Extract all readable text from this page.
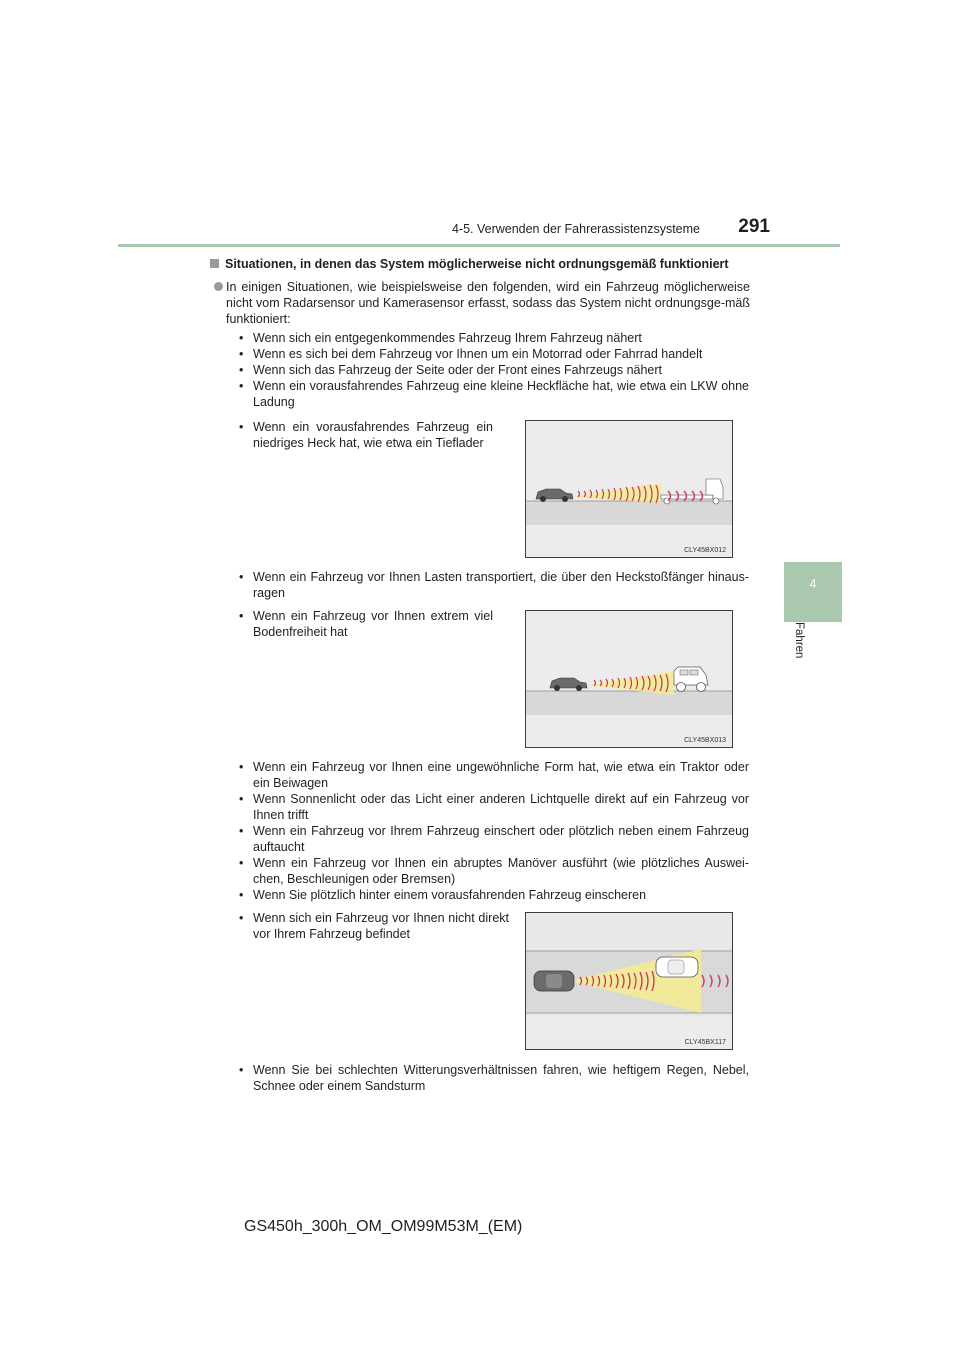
4-5. Verwenden der Fahrerassistenzsysteme	291
4
Fahren
Situationen, in denen das System möglicherweise nicht ordnungsgemäß funktioniert
In einigen Situationen, wie beispielsweise den folgenden, wird ein Fahrzeug möglicherweise nicht vom Radarsensor und Kamerasensor erfasst, sodass das System nicht ordnungsge-mäß funktioniert:
• Wenn sich ein entgegenkommendes Fahrzeug Ihrem Fahrzeug nähert
• Wenn es sich bei dem Fahrzeug vor Ihnen um ein Motorrad oder Fahrrad handelt
• Wenn sich das Fahrzeug der Seite oder der Front eines Fahrzeugs nähert
• Wenn ein vorausfahrendes Fahrzeug eine kleine Heckfläche hat, wie etwa ein LKW ohne Ladung
• Wenn ein vorausfahrendes Fahrzeug ein niedriges Heck hat, wie etwa ein Tieflader
CLY45BX012
• Wenn ein Fahrzeug vor Ihnen Lasten transportiert, die über den Heckstoßfänger hinaus-ragen
• Wenn ein Fahrzeug vor Ihnen extrem viel Bodenfreiheit hat
CLY45BX013
• Wenn ein Fahrzeug vor Ihnen eine ungewöhnliche Form hat, wie etwa ein Traktor oder ein Beiwagen
• Wenn Sonnenlicht oder das Licht einer anderen Lichtquelle direkt auf ein Fahrzeug vor Ihnen trifft
• Wenn ein Fahrzeug vor Ihrem Fahrzeug einschert oder plötzlich neben einem Fahrzeug auftaucht
• Wenn ein Fahrzeug vor Ihnen ein abruptes Manöver ausführt (wie plötzliches Auswei-chen, Beschleunigen oder Bremsen)
• Wenn Sie plötzlich hinter einem vorausfahrenden Fahrzeug einscheren
• Wenn sich ein Fahrzeug vor Ihnen nicht direkt vor Ihrem Fahrzeug befindet
CLY45BX117
• Wenn Sie bei schlechten Witterungsverhältnissen fahren, wie heftigem Regen, Nebel, Schnee oder einem Sandsturm
GS450h_300h_OM_OM99M53M_(EM)
